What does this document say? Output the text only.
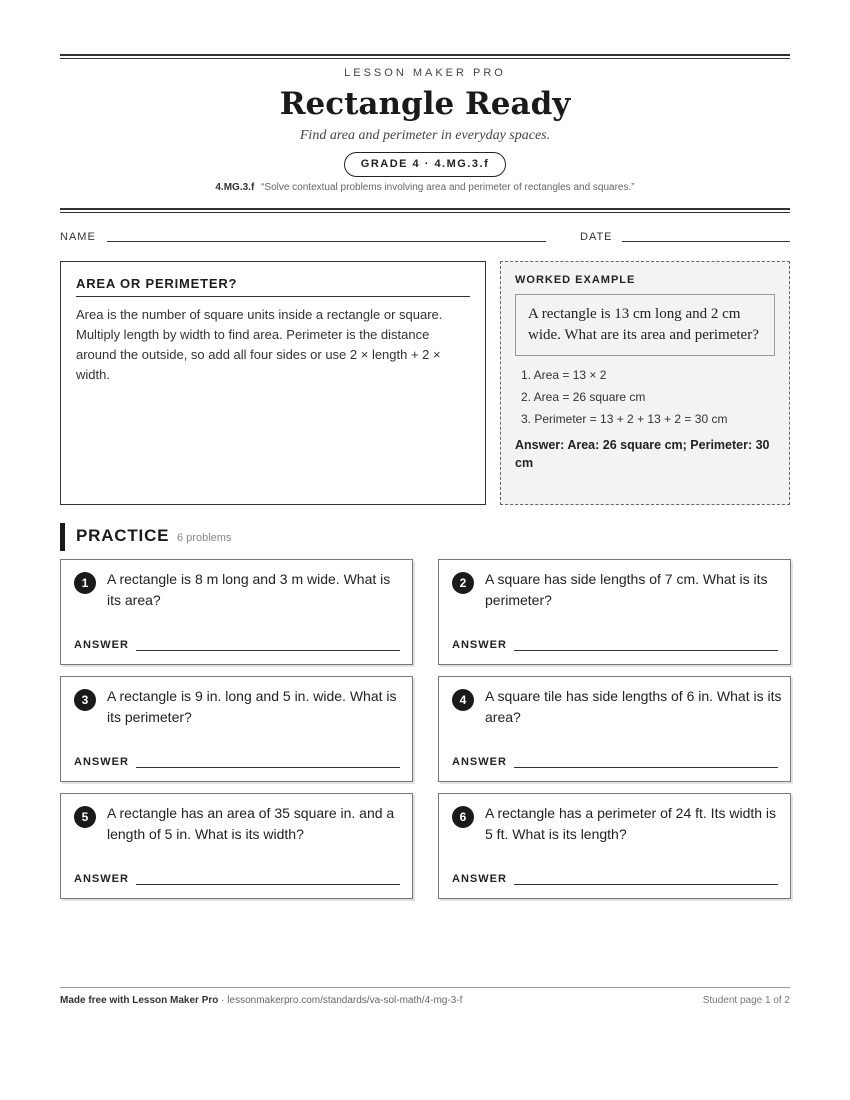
LESSON MAKER PRO
Rectangle Ready
Find area and perimeter in everyday spaces.
GRADE 4 · 4.MG.3.f
4.MG.3.f “Solve contextual problems involving area and perimeter of rectangles and squares.”
NAME	DATE
AREA OR PERIMETER?
Area is the number of square units inside a rectangle or square. Multiply length by width to find area. Perimeter is the distance around the outside, so add all four sides or use 2 × length + 2 × width.
WORKED EXAMPLE
A rectangle is 13 cm long and 2 cm wide. What are its area and perimeter?
1. Area = 13 × 2
2. Area = 26 square cm
3. Perimeter = 13 + 2 + 13 + 2 = 30 cm
Answer: Area: 26 square cm; Perimeter: 30 cm
PRACTICE 6 problems
1	A rectangle is 8 m long and 3 m wide. What is its area?
ANSWER
2	A square has side lengths of 7 cm. What is its perimeter?
ANSWER
3	A rectangle is 9 in. long and 5 in. wide. What is its perimeter?
ANSWER
4	A square tile has side lengths of 6 in. What is its area?
ANSWER
5	A rectangle has an area of 35 square in. and a length of 5 in. What is its width?
ANSWER
6	A rectangle has a perimeter of 24 ft. Its width is 5 ft. What is its length?
ANSWER
Made free with Lesson Maker Pro · lessonmakerpro.com/standards/va-sol-math/4-mg-3-f	Student page 1 of 2
